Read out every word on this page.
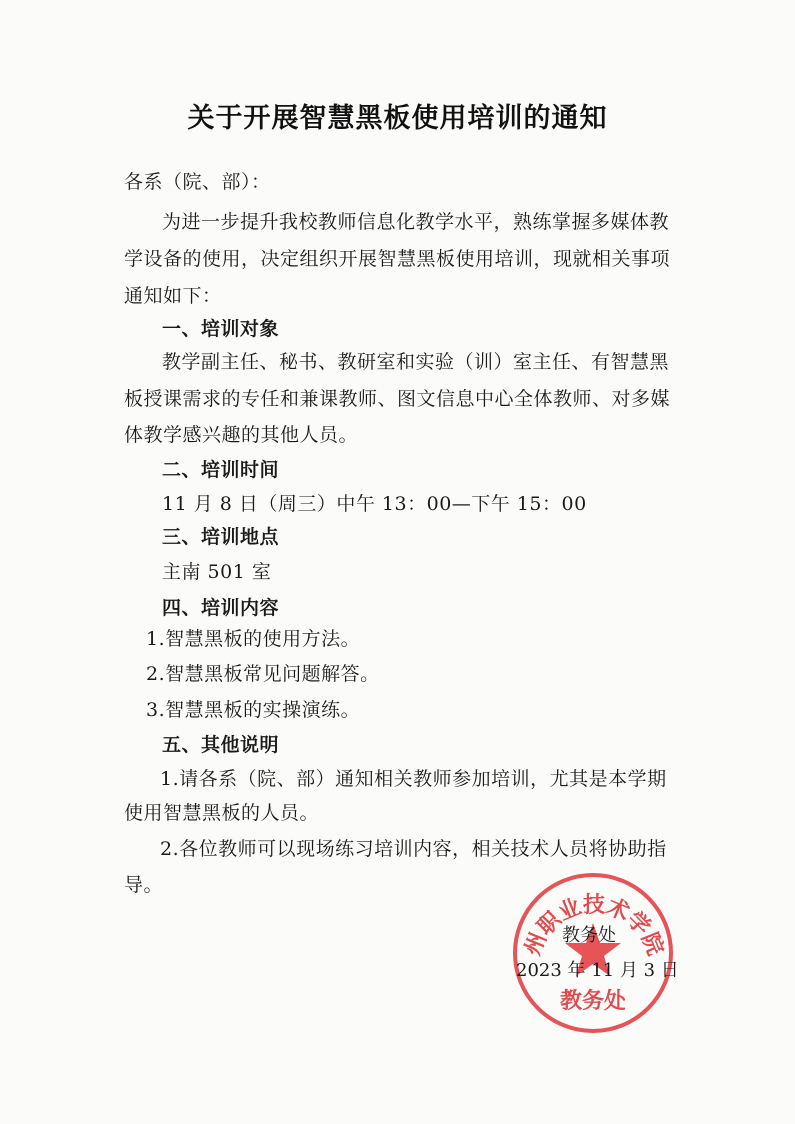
关于开展智慧黑板使用培训的通知
各系（院、部）：
为进一步提升我校教师信息化教学水平，熟练掌握多媒体教
学设备的使用，决定组织开展智慧黑板使用培训，现就相关事项
通知如下：
一、培训对象
教学副主任、秘书、教研室和实验（训）室主任、有智慧黑
板授课需求的专任和兼课教师、图文信息中心全体教师、对多媒
体教学感兴趣的其他人员。
二、培训时间
11 月 8 日（周三）中午 13：00—下午 15：00
三、培训地点
主南 501 室
四、培训内容
1.智慧黑板的使用方法。
2.智慧黑板常见问题解答。
3.智慧黑板的实操演练。
五、其他说明
1.请各系（院、部）通知相关教师参加培训，尤其是本学期
使用智慧黑板的人员。
2.各位教师可以现场练习培训内容，相关技术人员将协助指
导。
州职业技术学院
教务处
教务处
2023 年 11 月 3 日
